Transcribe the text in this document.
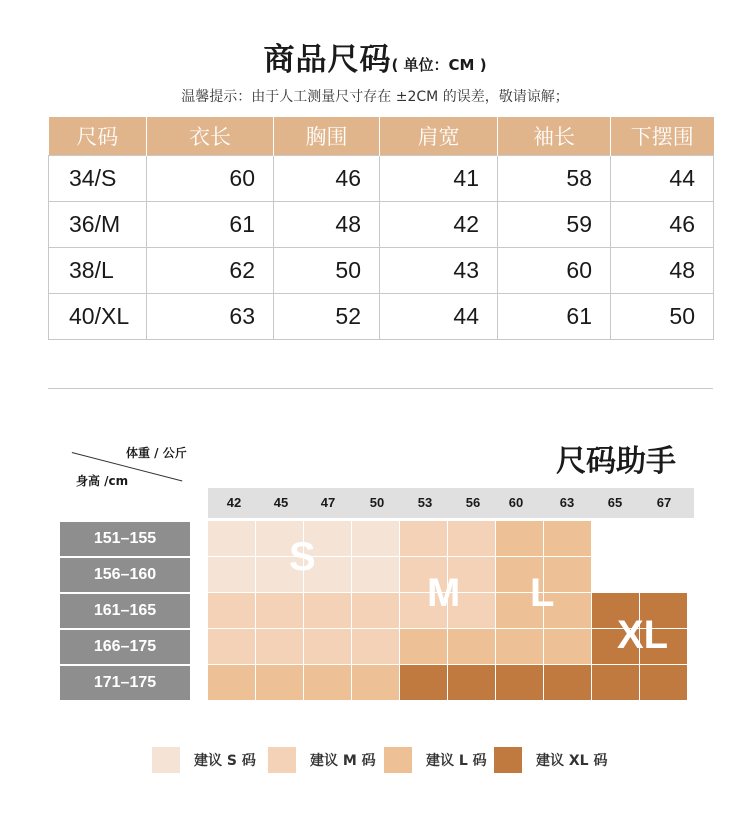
商品尺码( 单位：CM )
温馨提示：由于人工测量尺寸存在 ±2CM 的误差，敬请谅解；
尺码	衣长	胸围	肩宽	袖长	下摆围
34/S	60	46	41	58	44
36/M	61	48	42	59	46
38/L	62	50	43	60	48
40/XL	63	52	44	61	50
体重 / 公斤
身高 /cm
尺码助手
42	45	47	50	53	56	60	63	65	67
151–155
156–160
161–165
166–175
171–175
S
M L
XL
建议 S 码	建议 M 码	建议 L 码	建议 XL 码
